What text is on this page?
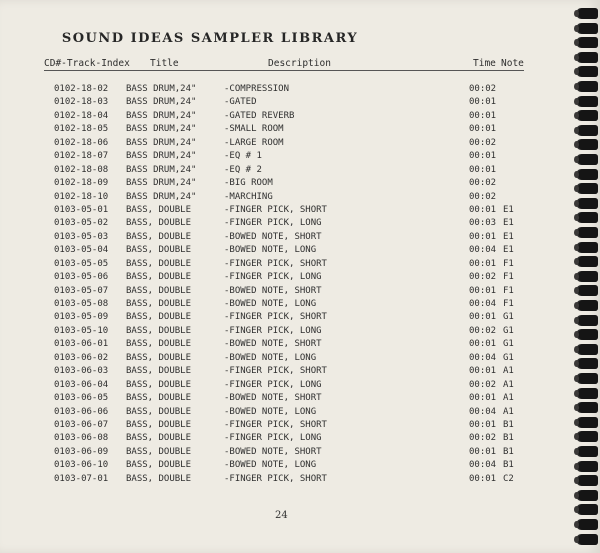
SOUND IDEAS SAMPLER LIBRARY
CD#-Track-Index Title	Description	Time Note
0102-18-02 BASS DRUM,24"	-COMPRESSION	00:02
0102-18-03 BASS DRUM,24"	-GATED	00:01
0102-18-04 BASS DRUM,24"	-GATED REVERB	00:01
0102-18-05 BASS DRUM,24"	-SMALL ROOM	00:01
0102-18-06 BASS DRUM,24"	-LARGE ROOM	00:02
0102-18-07 BASS DRUM,24"	-EQ # 1	00:01
0102-18-08 BASS DRUM,24"	-EQ # 2	00:01
0102-18-09 BASS DRUM,24"	-BIG ROOM	00:02
0102-18-10 BASS DRUM,24"	-MARCHING	00:02
0103-05-01 BASS, DOUBLE	-FINGER PICK, SHORT	00:01 E1
0103-05-02 BASS, DOUBLE	-FINGER PICK, LONG	00:03 E1
0103-05-03 BASS, DOUBLE	-BOWED NOTE, SHORT	00:01 E1
0103-05-04 BASS, DOUBLE	-BOWED NOTE, LONG	00:04 E1
0103-05-05 BASS, DOUBLE	-FINGER PICK, SHORT	00:01 F1
0103-05-06 BASS, DOUBLE	-FINGER PICK, LONG	00:02 F1
0103-05-07 BASS, DOUBLE	-BOWED NOTE, SHORT	00:01 F1
0103-05-08 BASS, DOUBLE	-BOWED NOTE, LONG	00:04 F1
0103-05-09 BASS, DOUBLE	-FINGER PICK, SHORT	00:01 G1
0103-05-10 BASS, DOUBLE	-FINGER PICK, LONG	00:02 G1
0103-06-01 BASS, DOUBLE	-BOWED NOTE, SHORT	00:01 G1
0103-06-02 BASS, DOUBLE	-BOWED NOTE, LONG	00:04 G1
0103-06-03 BASS, DOUBLE	-FINGER PICK, SHORT	00:01 A1
0103-06-04 BASS, DOUBLE	-FINGER PICK, LONG	00:02 A1
0103-06-05 BASS, DOUBLE	-BOWED NOTE, SHORT	00:01 A1
0103-06-06 BASS, DOUBLE	-BOWED NOTE, LONG	00:04 A1
0103-06-07 BASS, DOUBLE	-FINGER PICK, SHORT	00:01 B1
0103-06-08 BASS, DOUBLE	-FINGER PICK, LONG	00:02 B1
0103-06-09 BASS, DOUBLE	-BOWED NOTE, SHORT	00:01 B1
0103-06-10 BASS, DOUBLE	-BOWED NOTE, LONG	00:04 B1
0103-07-01 BASS, DOUBLE	-FINGER PICK, SHORT	00:01 C2
24
